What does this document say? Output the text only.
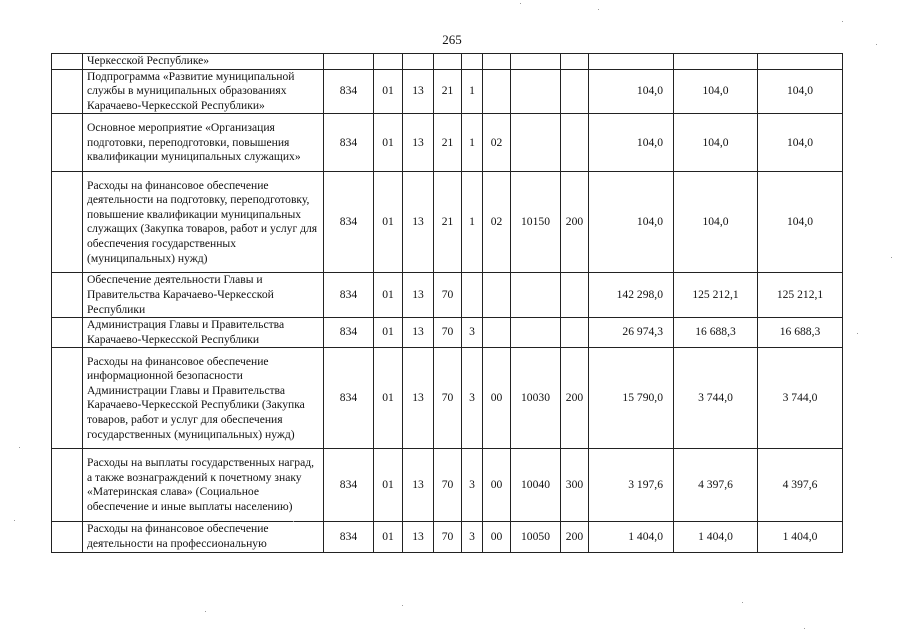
265
	Черкесской Республике»											
	Подпрограмма «Развитие муниципальной службы в муниципальных образованиях Карачаево-Черкесской Республики»	834	01	13	21	1				104,0	104,0	104,0
	Основное мероприятие «Организация подготовки, переподготовки, повышения квалификации муниципальных служащих»	834	01	13	21	1	02			104,0	104,0	104,0
	Расходы на финансовое обеспечение деятельности на подготовку, переподготовку, повышение квалификации муниципальных служащих (Закупка товаров, работ и услуг для обеспечения государственных (муниципальных) нужд)	834	01	13	21	1	02	10150	200	104,0	104,0	104,0
	Обеспечение деятельности Главы и Правительства Карачаево-Черкесской Республики	834	01	13	70					142 298,0	125 212,1	125 212,1
	Администрация Главы и Правительства Карачаево-Черкесской Республики	834	01	13	70	3				26 974,3	16 688,3	16 688,3
	Расходы на финансовое обеспечение информационной безопасности Администрации Главы и Правительства Карачаево-Черкесской Республики (Закупка товаров, работ и услуг для обеспечения государственных (муниципальных) нужд)	834	01	13	70	3	00	10030	200	15 790,0	3 744,0	3 744,0
	Расходы на выплаты государственных наград, а также вознаграждений к почетному знаку «Материнская слава» (Социальное обеспечение и иные выплаты населению)	834	01	13	70	3	00	10040	300	3 197,6	4 397,6	4 397,6
	Расходы на финансовое обеспечение деятельности на профессиональную	834	01	13	70	3	00	10050	200	1 404,0	1 404,0	1 404,0
